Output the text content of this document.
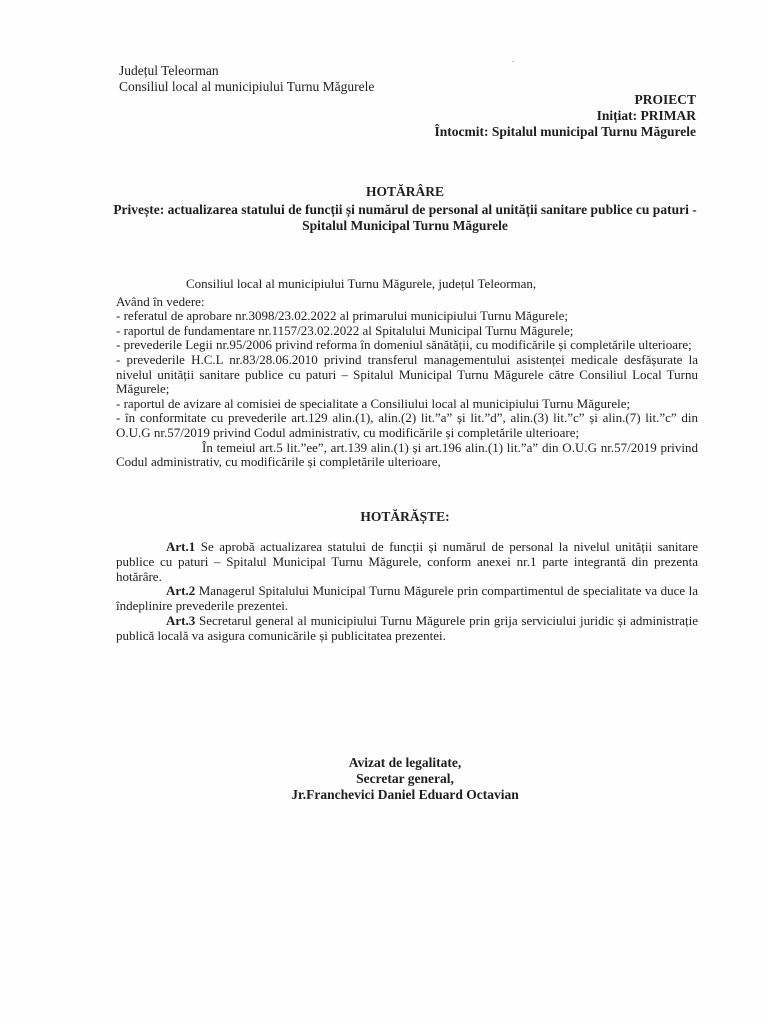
Județul Teleorman
Consiliul local al municipiului Turnu Măgurele
PROIECT
Inițiat: PRIMAR
Întocmit: Spitalul municipal Turnu Măgurele
HOTĂRÂRE
Privește: actualizarea statului de funcții și numărul de personal al unității sanitare publice cu paturi - Spitalul Municipal Turnu Măgurele

Consiliul local al municipiului Turnu Măgurele, județul Teleorman,

Având în vedere:

- referatul de aprobare nr.3098/23.02.2022 al primarului municipiului Turnu Măgurele;

- raportul de fundamentare nr.1157/23.02.2022 al Spitalului Municipal Turnu Măgurele;

- prevederile Legii nr.95/2006 privind reforma în domeniul sănătății, cu modificările și completările ulterioare;

- prevederile H.C.L nr.83/28.06.2010 privind transferul managementului asistenței medicale desfășurate la nivelul unității sanitare publice cu paturi – Spitalul Municipal Turnu Măgurele către Consiliul Local Turnu Măgurele;

- raportul de avizare al comisiei de specialitate a Consiliului local al municipiului Turnu Măgurele;

- în conformitate cu prevederile art.129 alin.(1), alin.(2) lit.”a” și lit.”d”, alin.(3) lit.”c” și alin.(7) lit.”c” din O.U.G nr.57/2019 privind Codul administrativ, cu modificările și completările ulterioare;

În temeiul art.5 lit.”ee”, art.139 alin.(1) și art.196 alin.(1) lit.”a” din O.U.G nr.57/2019 privind Codul administrativ, cu modificările și completările ulterioare,

HOTĂRĂȘTE:

Art.1 Se aprobă actualizarea statului de funcții și numărul de personal la nivelul unității sanitare publice cu paturi – Spitalul Municipal Turnu Măgurele, conform anexei nr.1 parte integrantă din prezenta hotărâre.

Art.2 Managerul Spitalului Municipal Turnu Măgurele prin compartimentul de specialitate va duce la îndeplinire prevederile prezentei.

Art.3 Secretarul general al municipiului Turnu Măgurele prin grija serviciului juridic și administrație publică locală va asigura comunicările și publicitatea prezentei.

Avizat de legalitate,
Secretar general,
Jr.Franchevici Daniel Eduard Octavian
